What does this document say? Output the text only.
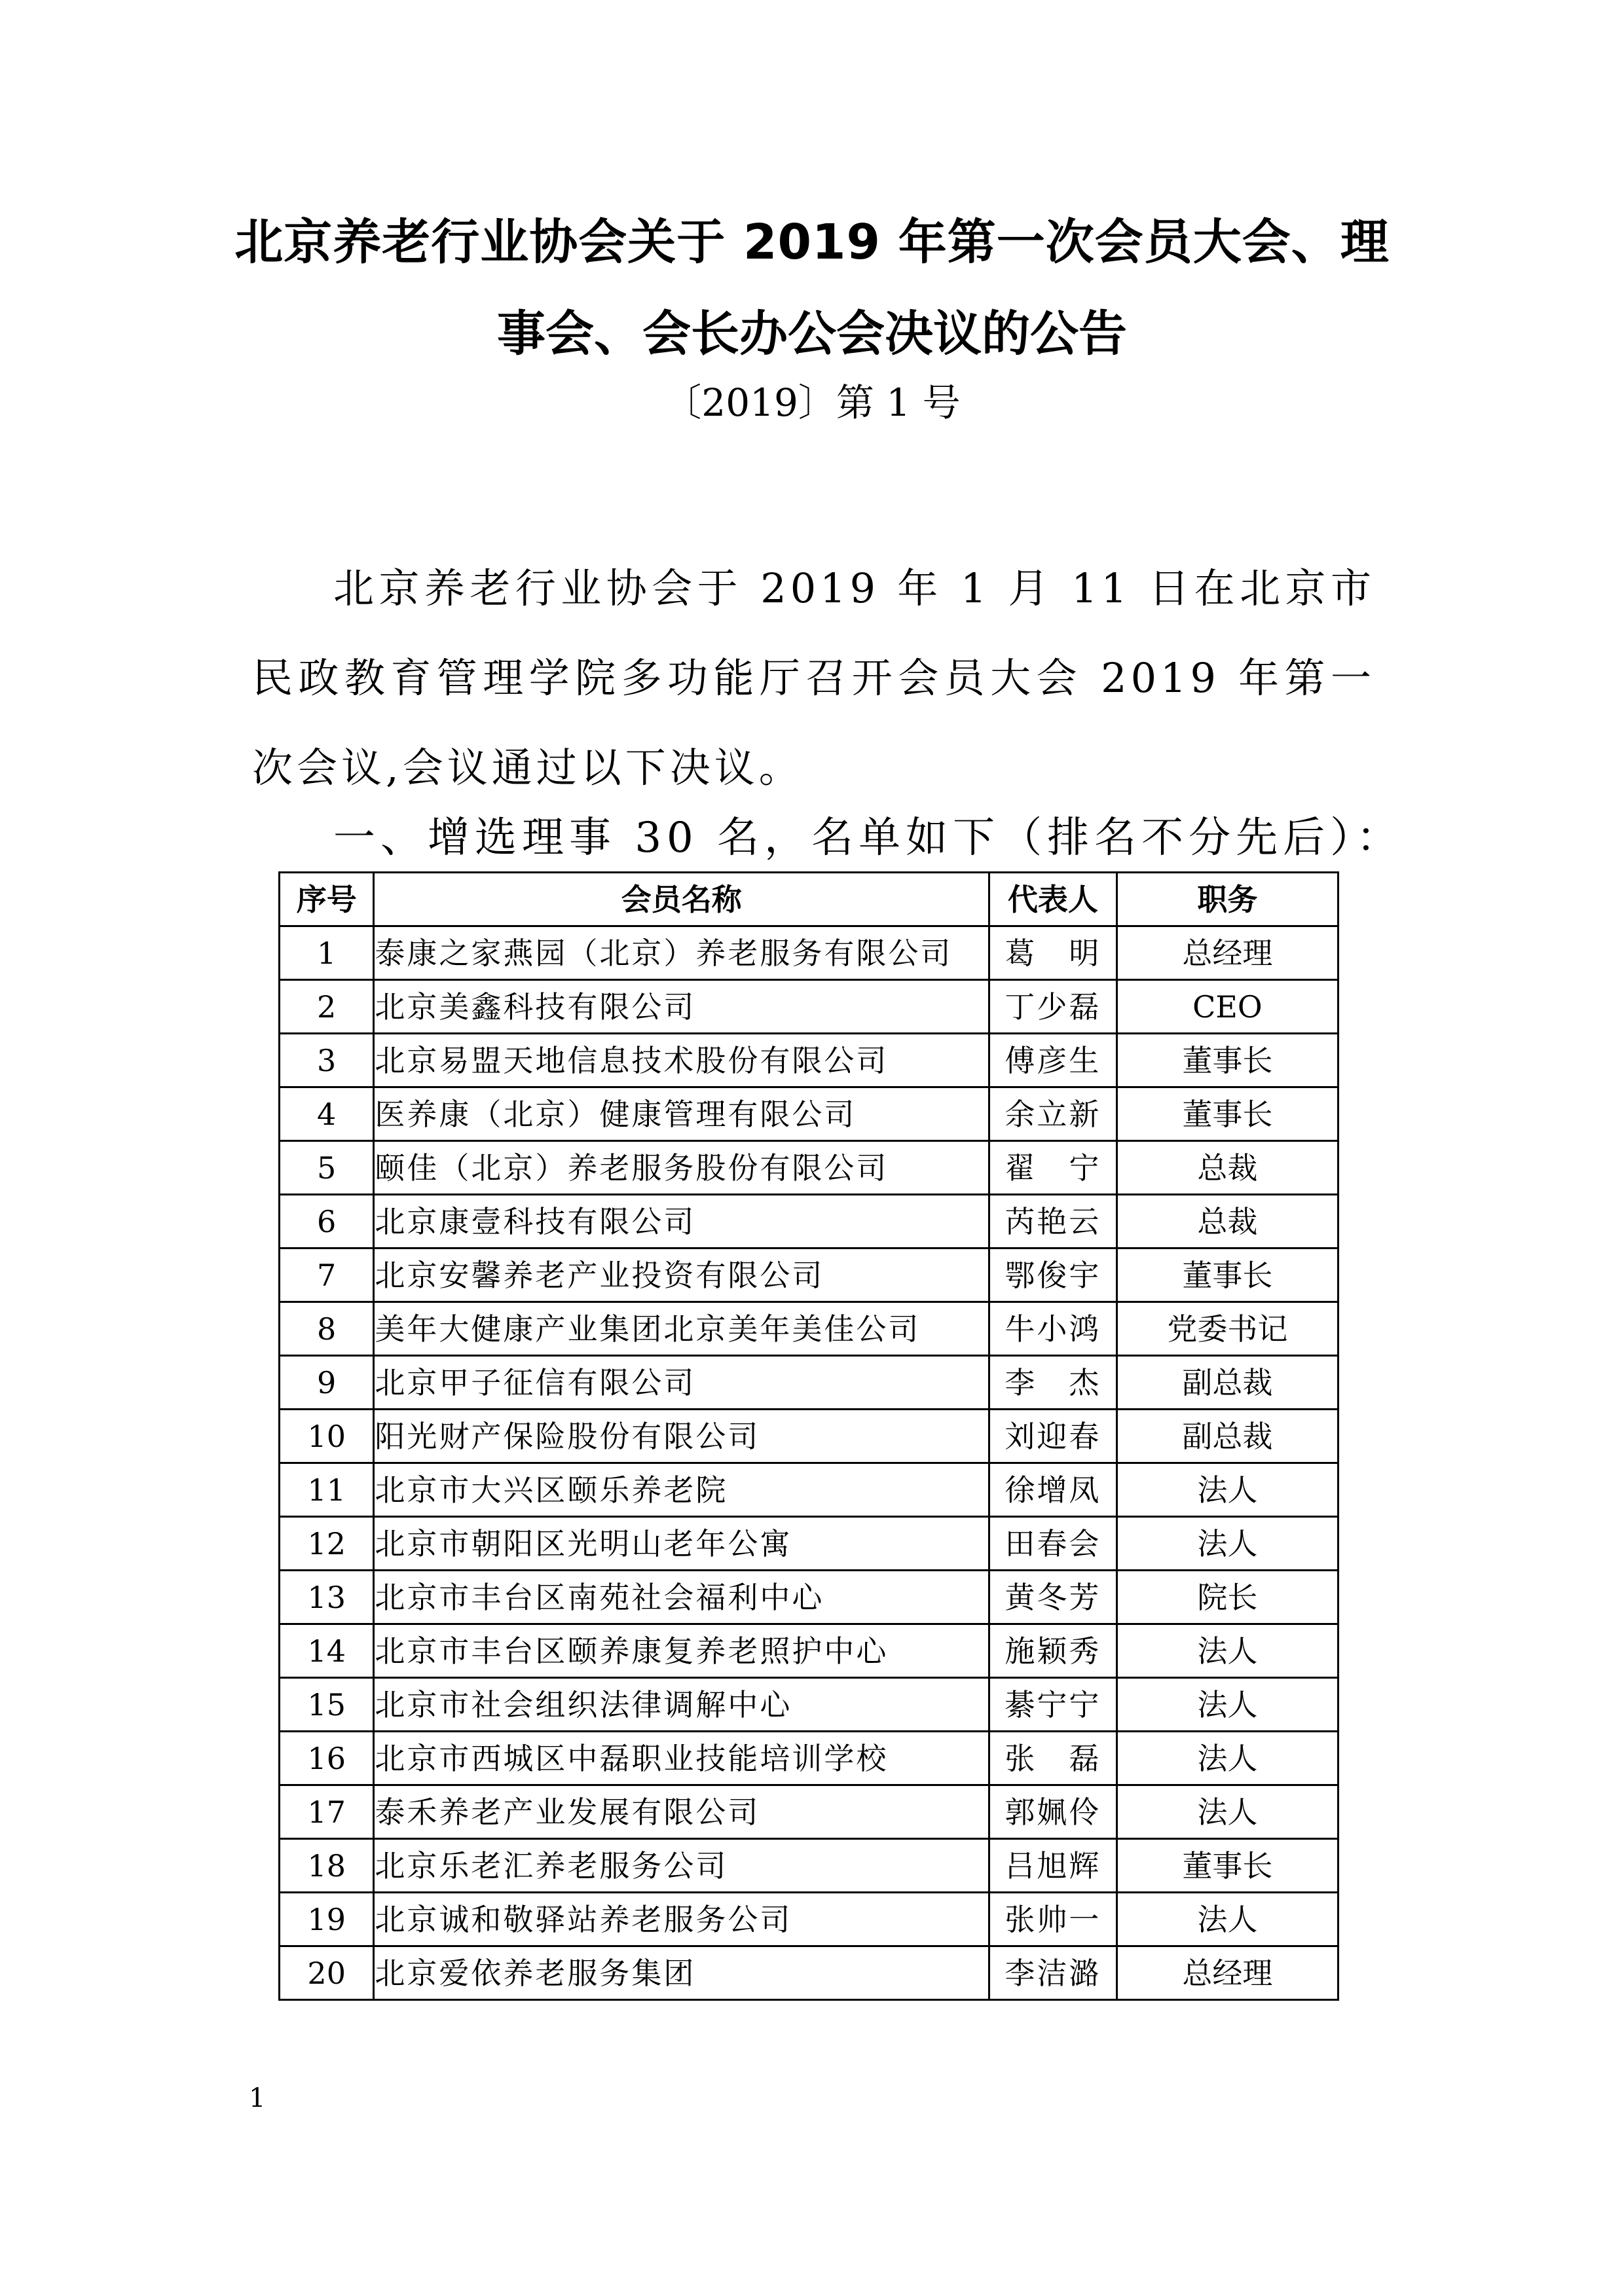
北京养老行业协会关于 2019 年第一次会员大会、理
事会、会长办公会决议的公告
〔2019〕第 1 号

北京养老行业协会于 2019 年 1 月 11 日在北京市民政教育管理学院多功能厅召开会员大会 2019 年第一次会议,会议通过以下决议。

一、增选理事 30 名，名单如下（排名不分先后）：
序号	会员名称	代表人	职务
1	泰康之家燕园（北京）养老服务有限公司	葛　明	总经理
2	北京美鑫科技有限公司	丁少磊	CEO
3	北京易盟天地信息技术股份有限公司	傅彦生	董事长
4	医养康（北京）健康管理有限公司	余立新	董事长
5	颐佳（北京）养老服务股份有限公司	翟　宁	总裁
6	北京康壹科技有限公司	芮艳云	总裁
7	北京安馨养老产业投资有限公司	鄂俊宇	董事长
8	美年大健康产业集团北京美年美佳公司	牛小鸿	党委书记
9	北京甲子征信有限公司	李　杰	副总裁
10	阳光财产保险股份有限公司	刘迎春	副总裁
11	北京市大兴区颐乐养老院	徐增凤	法人
12	北京市朝阳区光明山老年公寓	田春会	法人
13	北京市丰台区南苑社会福利中心	黄冬芳	院长
14	北京市丰台区颐养康复养老照护中心	施颖秀	法人
15	北京市社会组织法律调解中心	綦宁宁	法人
16	北京市西城区中磊职业技能培训学校	张　磊	法人
17	泰禾养老产业发展有限公司	郭姵伶	法人
18	北京乐老汇养老服务公司	吕旭辉	董事长
19	北京诚和敬驿站养老服务公司	张帅一	法人
20	北京爱依养老服务集团	李洁潞	总经理
1
